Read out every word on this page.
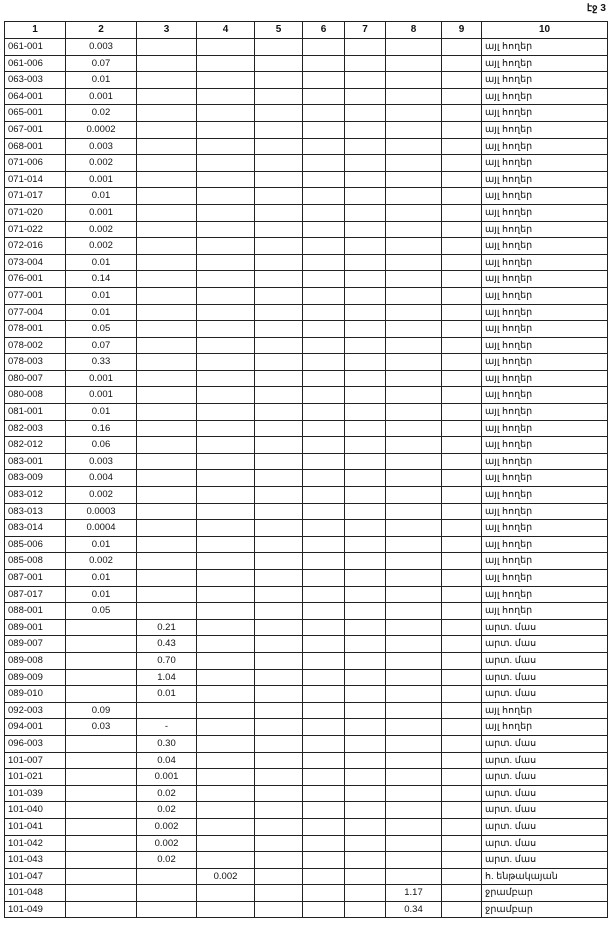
էջ 3
1	2	3	4	5	6	7	8	9	10
061-001	0.003								այլ հողեր
061-006	0.07								այլ հողեր
063-003	0.01								այլ հողեր
064-001	0.001								այլ հողեր
065-001	0.02								այլ հողեր
067-001	0.0002								այլ հողեր
068-001	0.003								այլ հողեր
071-006	0.002								այլ հողեր
071-014	0.001								այլ հողեր
071-017	0.01								այլ հողեր
071-020	0.001								այլ հողեր
071-022	0.002								այլ հողեր
072-016	0.002								այլ հողեր
073-004	0.01								այլ հողեր
076-001	0.14								այլ հողեր
077-001	0.01								այլ հողեր
077-004	0.01								այլ հողեր
078-001	0.05								այլ հողեր
078-002	0.07								այլ հողեր
078-003	0.33								այլ հողեր
080-007	0.001								այլ հողեր
080-008	0.001								այլ հողեր
081-001	0.01								այլ հողեր
082-003	0.16								այլ հողեր
082-012	0.06								այլ հողեր
083-001	0.003								այլ հողեր
083-009	0.004								այլ հողեր
083-012	0.002								այլ հողեր
083-013	0.0003								այլ հողեր
083-014	0.0004								այլ հողեր
085-006	0.01								այլ հողեր
085-008	0.002								այլ հողեր
087-001	0.01								այլ հողեր
087-017	0.01								այլ հողեր
088-001	0.05								այլ հողեր
089-001		0.21							արտ. մաս
089-007		0.43							արտ. մաս
089-008		0.70							արտ. մաս
089-009		1.04							արտ. մաս
089-010		0.01							արտ. մաս
092-003	0.09								այլ հողեր
094-001	0.03	-							այլ հողեր
096-003		0.30							արտ. մաս
101-007		0.04							արտ. մաս
101-021		0.001							արտ. մաս
101-039		0.02							արտ. մաս
101-040		0.02							արտ. մաս
101-041		0.002							արտ. մաս
101-042		0.002							արտ. մաս
101-043		0.02							արտ. մաս
101-047			0.002						հ. ենթակայան
101-048							1.17		ջրամբար
101-049							0.34		ջրամբար
